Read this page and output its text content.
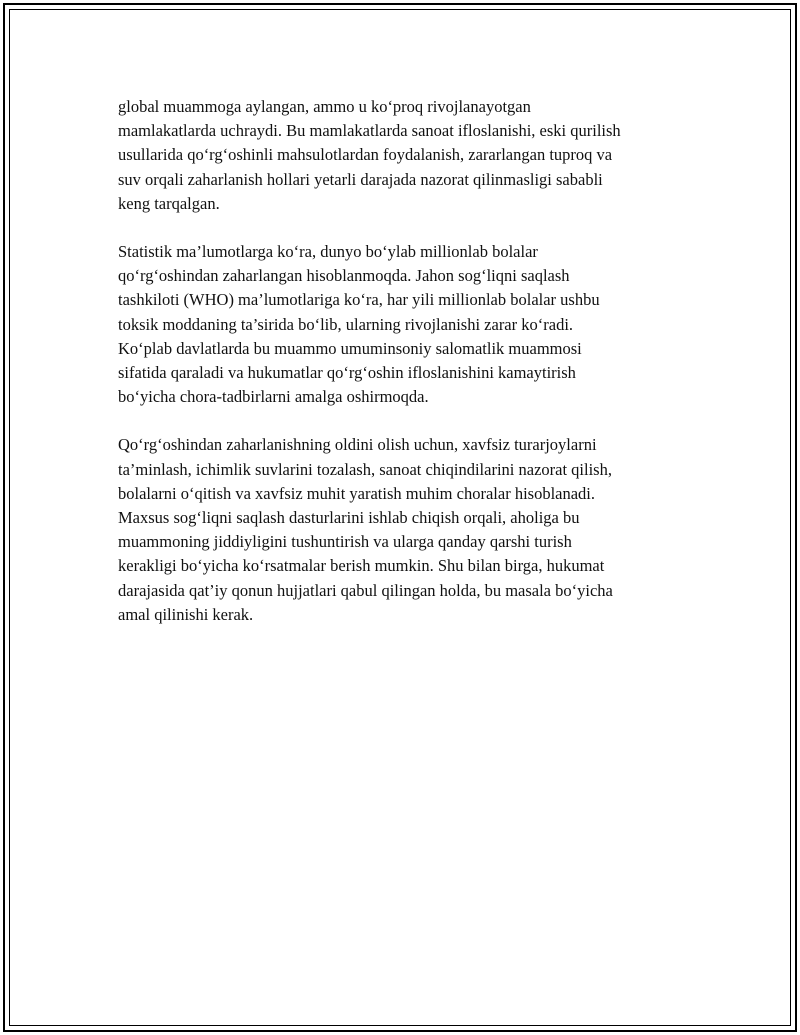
global muammoga aylangan, ammo u ko‘proq rivojlanayotgan
mamlakatlarda uchraydi. Bu mamlakatlarda sanoat ifloslanishi, eski qurilish
usullarida qo‘rg‘oshinli mahsulotlardan foydalanish, zararlangan tuproq va
suv orqali zaharlanish hollari yetarli darajada nazorat qilinmasligi sababli
keng tarqalgan.

Statistik ma’lumotlarga ko‘ra, dunyo bo‘ylab millionlab bolalar
qo‘rg‘oshindan zaharlangan hisoblanmoqda. Jahon sog‘liqni saqlash
tashkiloti (WHO) ma’lumotlariga ko‘ra, har yili millionlab bolalar ushbu
toksik moddaning ta’sirida bo‘lib, ularning rivojlanishi zarar ko‘radi.
Ko‘plab davlatlarda bu muammo umuminsoniy salomatlik muammosi
sifatida qaraladi va hukumatlar qo‘rg‘oshin ifloslanishini kamaytirish
bo‘yicha chora-tadbirlarni amalga oshirmoqda.

Qo‘rg‘oshindan zaharlanishning oldini olish uchun, xavfsiz turarjoylarni
ta’minlash, ichimlik suvlarini tozalash, sanoat chiqindilarini nazorat qilish,
bolalarni o‘qitish va xavfsiz muhit yaratish muhim choralar hisoblanadi.
Maxsus sog‘liqni saqlash dasturlarini ishlab chiqish orqali, aholiga bu
muammoning jiddiyligini tushuntirish va ularga qanday qarshi turish
kerakligi bo‘yicha ko‘rsatmalar berish mumkin. Shu bilan birga, hukumat
darajasida qat’iy qonun hujjatlari qabul qilingan holda, bu masala bo‘yicha
amal qilinishi kerak.
